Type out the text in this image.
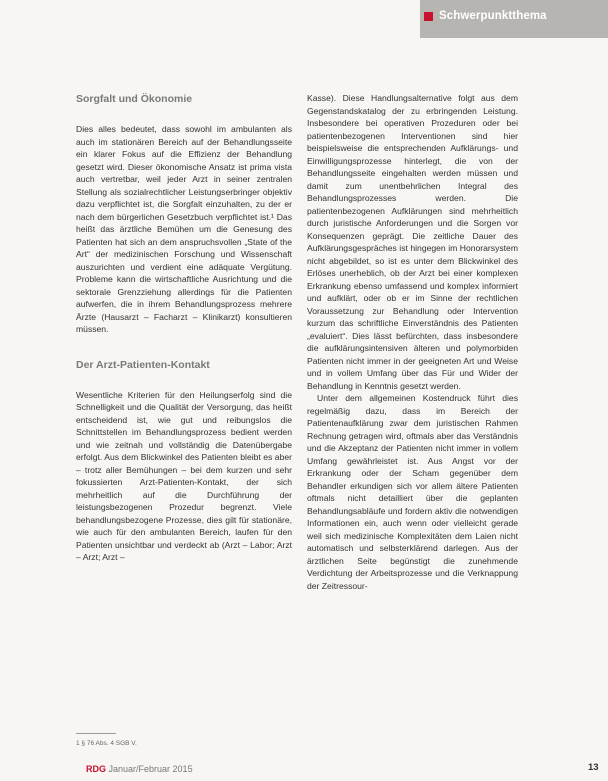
Schwerpunktthema
Sorgfalt und Ökonomie

Dies alles bedeutet, dass sowohl im ambulanten als auch im stationären Bereich auf der Behandlungsseite ein klarer Fokus auf die Effizienz der Behandlung gesetzt wird. Dieser ökonomische Ansatz ist prima vista auch vertretbar, weil jeder Arzt in seiner zentralen Stellung als sozialrechtlicher Leistungserbringer objektiv dazu verpflichtet ist, die Sorgfalt einzuhalten, zu der er nach dem bürgerlichen Gesetzbuch verpflichtet ist.¹ Das heißt das ärztliche Bemühen um die Genesung des Patienten hat sich an dem anspruchsvollen „State of the Art“ der medizinischen Forschung und Wissenschaft auszurichten und verdient eine adäquate Vergütung. Probleme kann die wirtschaftliche Ausrichtung und die sektorale Grenzziehung allerdings für die Patienten aufwerfen, die in ihrem Behandlungsprozess mehrere Ärzte (Hausarzt – Facharzt – Klinikarzt) konsultieren müssen.

Der Arzt-Patienten-Kontakt

Wesentliche Kriterien für den Heilungserfolg sind die Schnelligkeit und die Qualität der Versorgung, das heißt entscheidend ist, wie gut und reibungslos die Schnittstellen im Behandlungsprozess bedient werden und wie zeitnah und vollständig die Datenübergabe erfolgt. Aus dem Blickwinkel des Patienten bleibt es aber – trotz aller Bemühungen – bei dem kurzen und sehr fokussierten Arzt-Patienten-Kontakt, der sich mehrheitlich auf die Durchführung der leistungsbezogenen Prozedur begrenzt. Viele behandlungsbezogene Prozesse, dies gilt für stationäre, wie auch für den ambulanten Bereich, laufen für den Patienten unsichtbar und verdeckt ab (Arzt – Labor; Arzt – Arzt; Arzt –

Kasse). Diese Handlungsalternative folgt aus dem Gegenstandskatalog der zu erbringenden Leistung. Insbesondere bei operativen Prozeduren oder bei patientenbezogenen Interventionen sind hier beispielsweise die entsprechenden Aufklärungs- und Einwilligungsprozesse hinterlegt, die von der Behandlungsseite eingehalten werden müssen und damit zum unentbehrlichen Integral des Behandlungsprozesses werden. Die patientenbezogenen Aufklärungen sind mehrheitlich durch juristische Anforderungen und die Sorgen vor Konsequenzen geprägt. Die zeitliche Dauer des Aufklärungsgespräches ist hingegen im Honorarsystem nicht abgebildet, so ist es unter dem Blickwinkel des Erlöses unerheblich, ob der Arzt bei einer komplexen Erkrankung ebenso umfassend und komplex informiert und aufklärt, oder ob er im Sinne der rechtlichen Voraussetzung zur Behandlung oder Intervention kurzum das schriftliche Einverständnis des Patienten „evaluiert“. Dies lässt befürchten, dass insbesondere die aufklärungsintensiven älteren und polymorbiden Patienten nicht immer in der geeigneten Art und Weise und in vollem Umfang über das Für und Wider der Behandlung in Kenntnis gesetzt werden.

Unter dem allgemeinen Kostendruck führt dies regelmäßig dazu, dass im Bereich der Patientenaufklärung zwar dem juristischen Rahmen Rechnung getragen wird, oftmals aber das Verständnis und die Akzeptanz der Patienten nicht immer in vollem Umfang gewährleistet ist. Aus Angst vor der Erkrankung oder der Scham gegenüber dem Behandler erkundigen sich vor allem ältere Patienten oftmals nicht detailliert über die geplanten Behandlungsabläufe und fordern aktiv die notwendigen Informationen ein, auch wenn oder vielleicht gerade weil sich medizinische Komplexitäten dem Laien nicht automatisch und selbsterklärend darlegen. Aus der ärztlichen Seite begünstigt die zunehmende Verdichtung der Arbeitsprozesse und die Verknappung der Zeitressour-

1 § 76 Abs. 4 SGB V.
RDG Januar/Februar 2015	13
